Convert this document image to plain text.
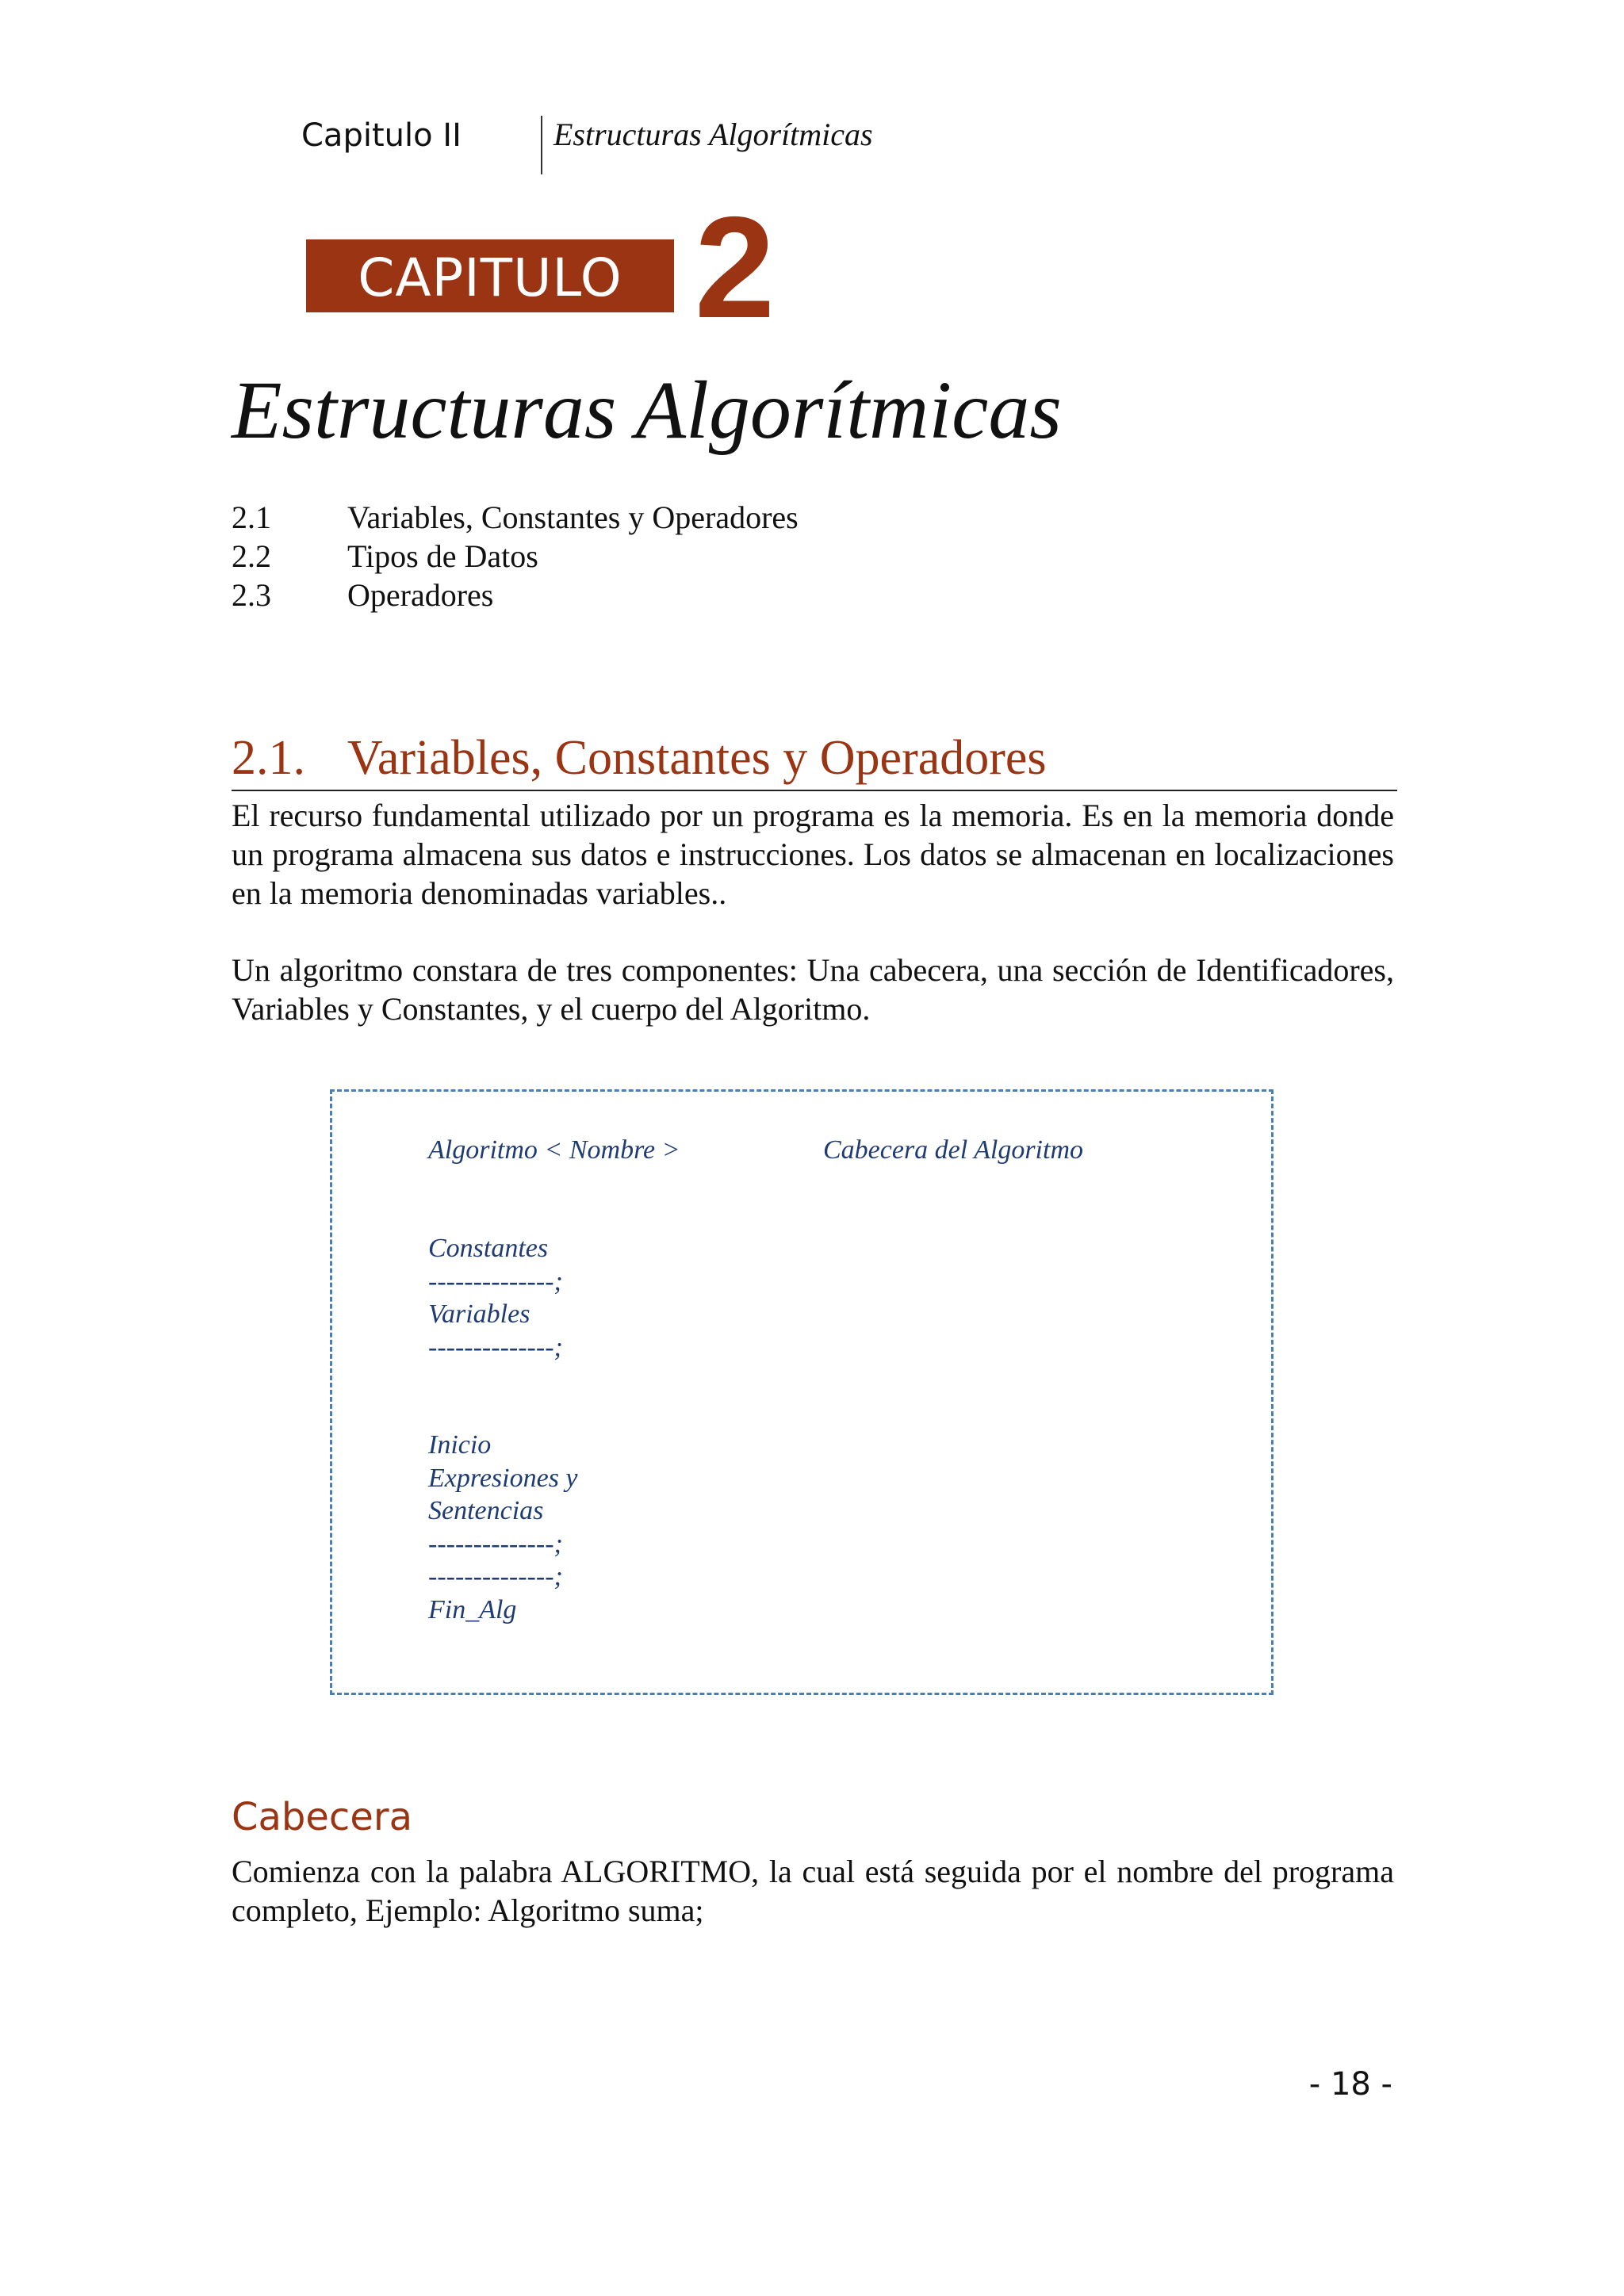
Capitulo II	Estructuras Algorítmicas
CAPITULO 2
Estructuras Algorítmicas
2.1	Variables, Constantes y Operadores
2.2	Tipos de Datos
2.3	Operadores
2.1. Variables, Constantes y Operadores
El recurso fundamental utilizado por un programa es la memoria. Es en la memoria donde un programa almacena sus datos e instrucciones. Los datos se almacenan en localizaciones en la memoria denominadas variables..
Un algoritmo constara de tres componentes: Una cabecera, una sección de Identificadores, Variables y Constantes, y el cuerpo del Algoritmo.
Algoritmo < Nombre >	Cabecera del Algoritmo
Constantes
--------------;
Variables
--------------;
Inicio
Expresiones y
Sentencias
--------------;
--------------;
Fin_Alg
Cabecera
Comienza con la palabra ALGORITMO, la cual está seguida por el nombre del programa completo, Ejemplo: Algoritmo suma;
- 18 -
